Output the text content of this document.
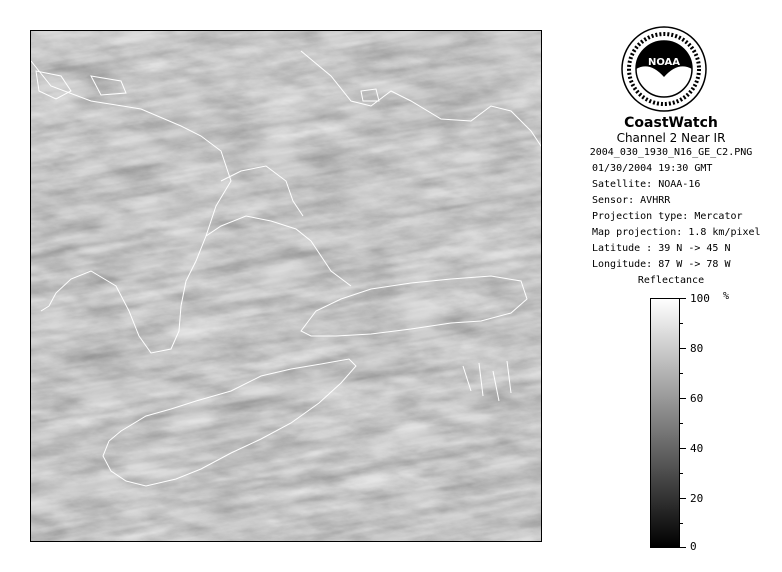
NOAA
CoastWatch
Channel 2 Near IR
2004_030_1930_N16_GE_C2.PNG
01/30/2004 19:30 GMT
Satellite: NOAA-16
Sensor: AVHRR
Projection type: Mercator
Map projection: 1.8 km/pixel
Latitude : 39 N -> 45 N
Longitude: 87 W -> 78 W
Reflectance
%
100
80
60
40
20
0
